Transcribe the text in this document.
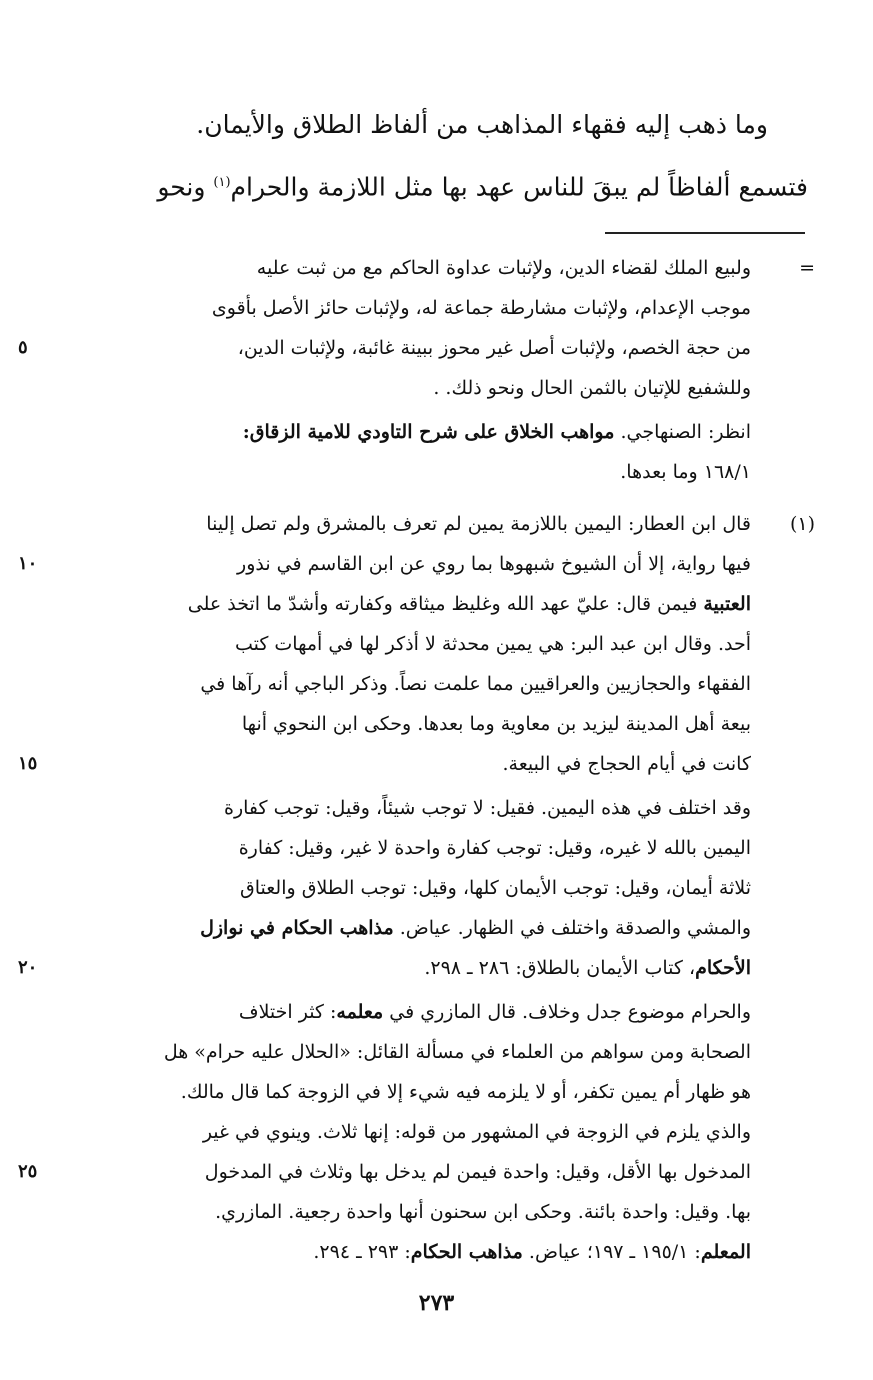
وما ذهب إليه فقهاء المذاهب من ألفاظ الطلاق والأيمان.
فتسمع ألفاظاً لم يبقَ للناس عهد بها مثل اللازمة والحرام$^{(١)}$ ونحو
=
ولبيع الملك لقضاء الدين، ولإثبات عداوة الحاكم مع من ثبت عليه
موجب الإعدام، ولإثبات مشارطة جماعة له، ولإثبات حائز الأصل بأقوى
من حجة الخصم، ولإثبات أصل غير محوز ببينة غائبة، ولإثبات الدين،
٥
وللشفيع للإتيان بالثمن الحال ونحو ذلك. .
انظر: الصنهاجي. مواهب الخلاق على شرح التاودي للامية الزقاق:
١٦٨/١ وما بعدها.
(١)
قال ابن العطار: اليمين باللازمة يمين لم تعرف بالمشرق ولم تصل إلينا
فيها رواية، إلا أن الشيوخ شبهوها بما روي عن ابن القاسم في نذور
١٠
العتبية فيمن قال: عليّ عهد الله وغليظ ميثاقه وكفارته وأشدّ ما اتخذ على
أحد. وقال ابن عبد البر: هي يمين محدثة لا أذكر لها في أمهات كتب
الفقهاء والحجازيين والعراقيين مما علمت نصاً. وذكر الباجي أنه رآها في
بيعة أهل المدينة ليزيد بن معاوية وما بعدها. وحكى ابن النحوي أنها
كانت في أيام الحجاج في البيعة.
١٥
وقد اختلف في هذه اليمين. فقيل: لا توجب شيئاً، وقيل: توجب كفارة
اليمين بالله لا غيره، وقيل: توجب كفارة واحدة لا غير، وقيل: كفارة
ثلاثة أيمان، وقيل: توجب الأيمان كلها، وقيل: توجب الطلاق والعتاق
والمشي والصدقة واختلف في الظهار. عياض. مذاهب الحكام في نوازل
الأحكام، كتاب الأيمان بالطلاق: ٢٨٦ ـ ٢٩٨.
٢٠
والحرام موضوع جدل وخلاف. قال المازري في معلمه: كثر اختلاف
الصحابة ومن سواهم من العلماء في مسألة القائل: «الحلال عليه حرام» هل
هو ظهار أم يمين تكفر، أو لا يلزمه فيه شيء إلا في الزوجة كما قال مالك.
والذي يلزم في الزوجة في المشهور من قوله: إنها ثلاث. وينوي في غير
المدخول بها الأقل، وقيل: واحدة فيمن لم يدخل بها وثلاث في المدخول
٢٥
بها. وقيل: واحدة بائنة. وحكى ابن سحنون أنها واحدة رجعية. المازري.
المعلم: ١٩٥/١ ـ ١٩٧؛ عياض. مذاهب الحكام: ٢٩٣ ـ ٢٩٤.
٢٧٣
